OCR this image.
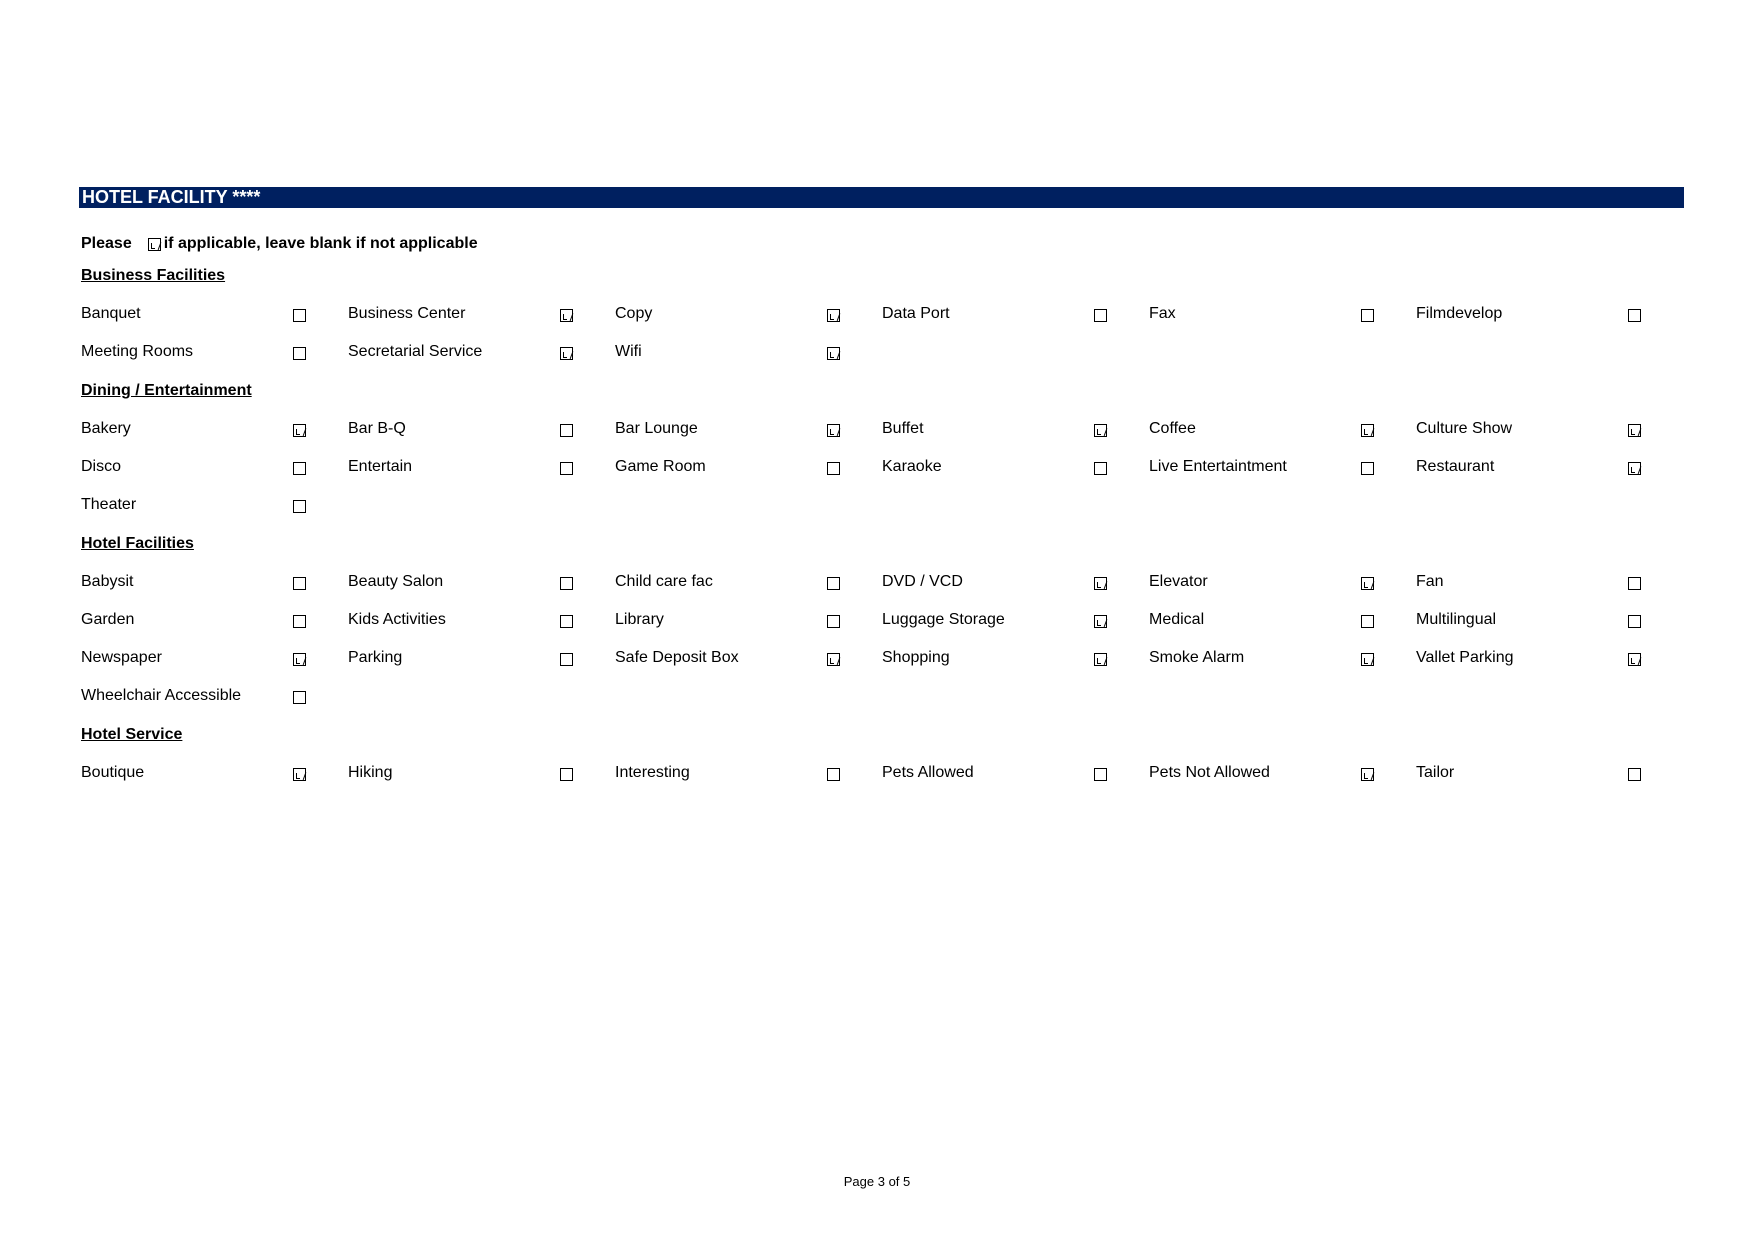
HOTEL FACILITY ****
Please if applicable, leave blank if not applicable
Business Facilities
Banquet	Business Center	Copy	Data Port	Fax	Filmdevelop
Meeting Rooms	Secretarial Service	Wifi
Dining / Entertainment
Bakery	Bar B-Q	Bar Lounge	Buffet	Coffee	Culture Show
Disco	Entertain	Game Room	Karaoke	Live Entertaintment	Restaurant
Theater
Hotel Facilities
Babysit	Beauty Salon	Child care fac	DVD / VCD	Elevator	Fan
Garden	Kids Activities	Library	Luggage Storage	Medical	Multilingual
Newspaper	Parking	Safe Deposit Box	Shopping	Smoke Alarm	Vallet Parking
Wheelchair Accessible
Hotel Service
Boutique	Hiking	Interesting	Pets Allowed	Pets Not Allowed	Tailor
Page 3 of 5
